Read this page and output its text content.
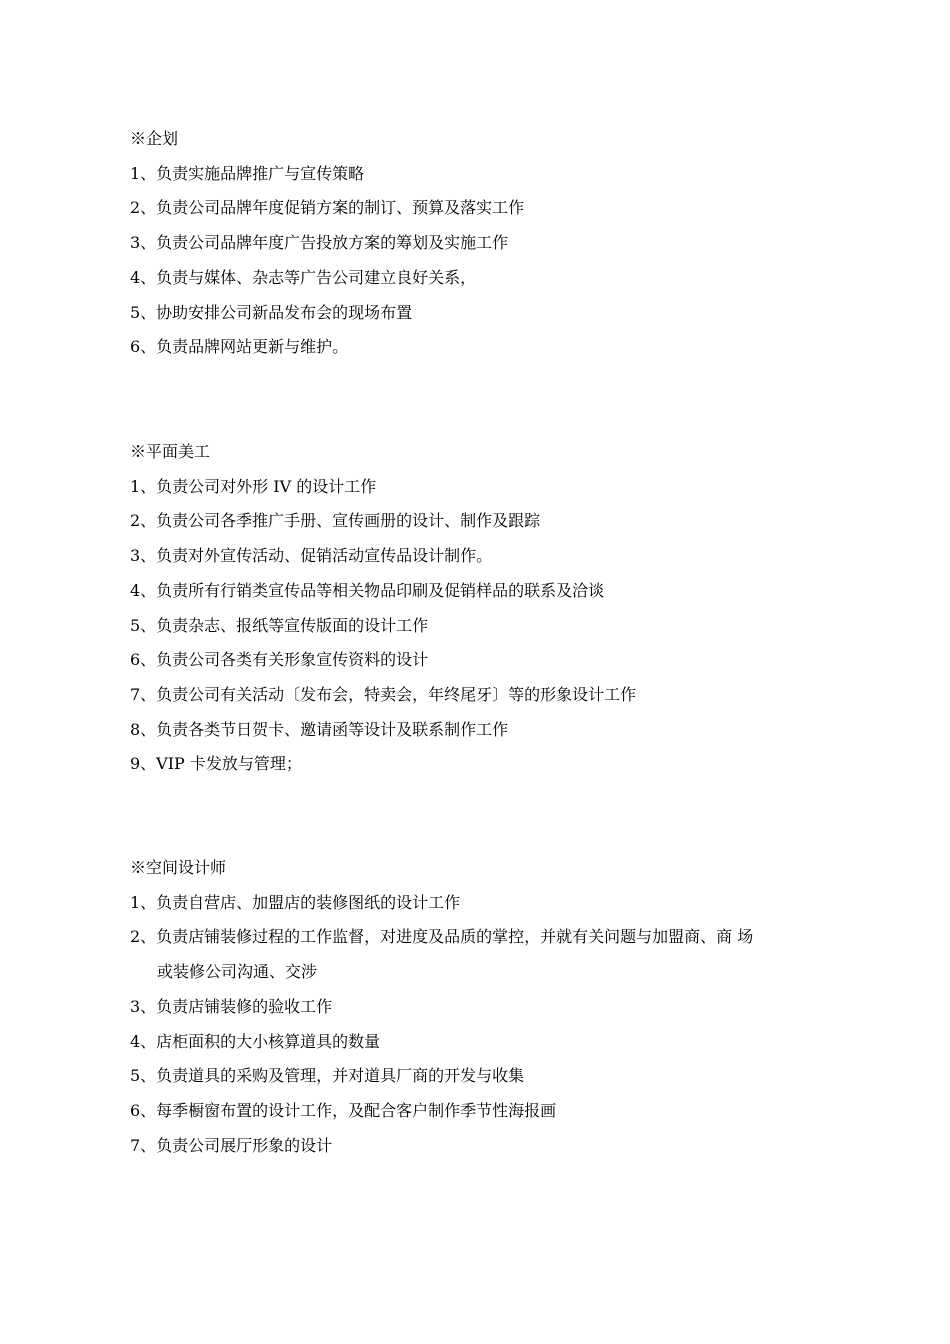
※企划
1、负责实施品牌推广与宣传策略
2、负责公司品牌年度促销方案的制订、预算及落实工作
3、负责公司品牌年度广告投放方案的筹划及实施工作
4、负责与媒体、杂志等广告公司建立良好关系，
5、协助安排公司新品发布会的现场布置
6、负责品牌网站更新与维护。
※平面美工
1、负责公司对外形 IV 的设计工作
2、负责公司各季推广手册、宣传画册的设计、制作及跟踪
3、负责对外宣传活动、促销活动宣传品设计制作。
4、负责所有行销类宣传品等相关物品印刷及促销样品的联系及洽谈
5、负责杂志、报纸等宣传版面的设计工作
6、负责公司各类有关形象宣传资料的设计
7、负责公司有关活动〔发布会，特卖会，年终尾牙〕等的形象设计工作
8、负责各类节日贺卡、邀请函等设计及联系制作工作
9、VIP 卡发放与管理；
※空间设计师
1、负责自营店、加盟店的装修图纸的设计工作
2、负责店铺装修过程的工作监督，对进度及品质的掌控，并就有关问题与加盟商、商 场
或装修公司沟通、交涉
3、负责店铺装修的验收工作
4、店柜面积的大小核算道具的数量
5、负责道具的采购及管理，并对道具厂商的开发与收集
6、每季橱窗布置的设计工作，及配合客户制作季节性海报画
7、负责公司展厅形象的设计
